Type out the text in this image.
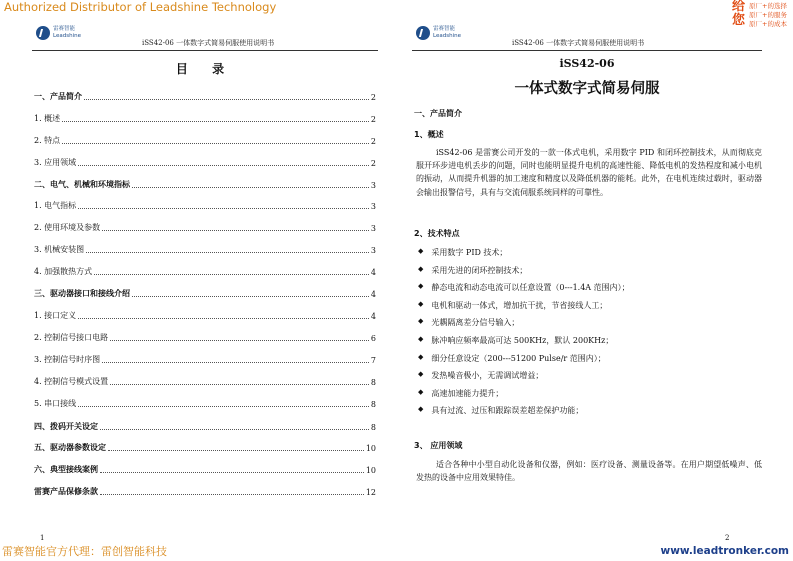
Authorized Distributor of Leadshine Technology	给您
原厂+的选择
原厂+的服务
原厂+的成本
雷赛智能
Leadshine
iSS42-06 一体数字式简易伺服使用说明书
目 录
一、产品简介	2
1. 概述	2
2. 特点	2
3. 应用领域	2
二、电气、机械和环境指标	3
1. 电气指标	3
2. 使用环境及参数	3
3. 机械安装图	3
4. 加强散热方式	4
三、驱动器接口和接线介绍	4
1. 接口定义	4
2. 控制信号接口电路	6
3. 控制信号时序图	7
4. 控制信号模式设置	8
5. 串口接线	8
四、拨码开关设定	8
五、驱动器参数设定	10
六、典型接线案例	10
雷赛产品保修条款	12
1
雷赛智能
Leadshine
iSS42-06 一体数字式简易伺服使用说明书
iSS42-06
一体式数字式简易伺服
一、产品简介
1、概述
iSS42-06 是雷赛公司开发的一款一体式电机，采用数字 PID 和闭环控制技术，从而彻底克服开环步进电机丢步的问题，同时也能明显提升电机的高速性能、降低电机的发热程度和减小电机的振动，从而提升机器的加工速度和精度以及降低机器的能耗。此外，在电机连续过载时，驱动器会输出报警信号，具有与交流伺服系统同样的可靠性。
2、技术特点
◆ 采用数字 PID 技术；
◆ 采用先进的闭环控制技术；
◆ 静态电流和动态电流可以任意设置（0---1.4A 范围内）；
◆ 电机和驱动一体式，增加抗干扰，节省接线人工；
◆ 光耦隔离差分信号输入；
◆ 脉冲响应频率最高可达 500KHz，默认 200KHz；
◆ 细分任意设定（200---51200 Pulse/r 范围内）；
◆ 发热噪音极小，无需调试增益；
◆ 高速加速能力提升；
◆ 具有过流、过压和跟踪误差超差保护功能；
3、 应用领域
适合各种中小型自动化设备和仪器，例如：医疗设备、测量设备等。在用户期望低噪声、低发热的设备中应用效果特佳。
2
雷赛智能官方代理：雷创智能科技	www.leadtronker.com
